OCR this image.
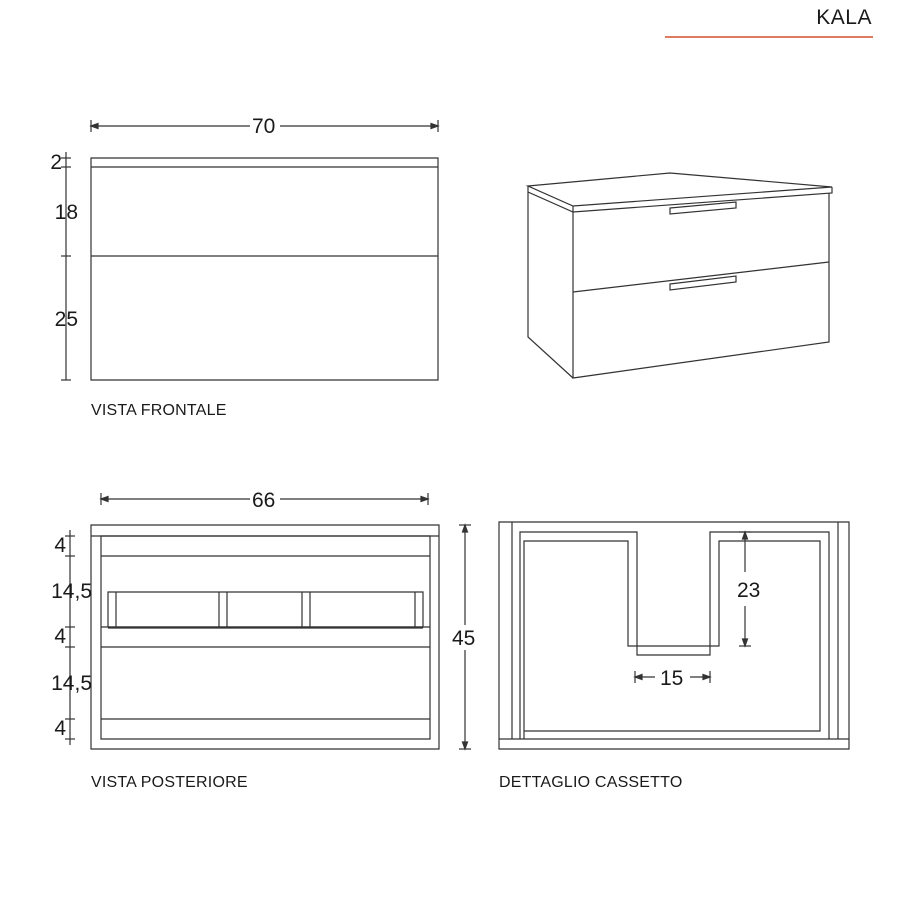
KALA
70
2
18
25
VISTA FRONTALE
66
45
4
14,5
4
14,5
4
VISTA POSTERIORE
23
15
DETTAGLIO CASSETTO
